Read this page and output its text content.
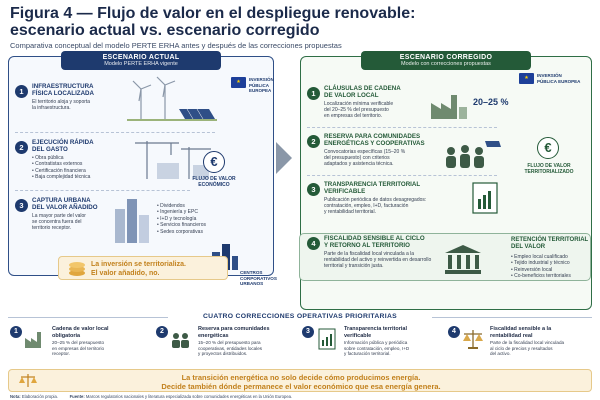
Figura 4 — Flujo de valor en el despliegue renovable:
escenario actual vs. escenario corregido
Comparativa conceptual del modelo PERTE ERHA antes y después de las correcciones propuestas
ESCENARIO ACTUAL
Modelo PERTE ERHA vigente
1
INFRAESTRUCTURA
FÍSICA LOCALIZADA
El territorio aloja y soporta
la infraestructura.
★	INVERSIÓN
PÚBLICA EUROPEA
2
EJECUCIÓN RÁPIDA
DEL GASTO
• Obra pública
• Contratistas externos
• Certificación financiera
• Baja complejidad técnica
€
FLUJO DE VALOR
ECONÓMICO
3
CAPTURA URBANA
DEL VALOR AÑADIDO
La mayor parte del valor
se concentra fuera del
territorio receptor.
• Dividendos
• Ingeniería y EPC
• I+D y tecnología
• Servicios financieros
• Sedes corporativas
La inversión se territorializa.
El valor añadido, no.	CENTROS
CORPORATIVOS
URBANOS
ESCENARIO CORREGIDO
Modelo con correcciones propuestas
★	INVERSIÓN
PÚBLICA EUROPEA
1
CLÁUSULAS DE CADENA
DE VALOR LOCAL
Localización mínima verificable
del 20–25 % del presupuesto
en empresas del territorio.
20–25 %
2
RESERVA PARA COMUNIDADES
ENERGÉTICAS Y COOPERATIVAS
Convocatorias específicas (15–20 %
del presupuesto) con criterios
adaptados y asistencia técnica.
€
FLUJO DE VALOR
TERRITORIALIZADO
3
TRANSPARENCIA TERRITORIAL
VERIFICABLE
Publicación periódica de datos desagregados:
contratación, empleo, I+D, facturación
y rentabilidad territorial.
4
FISCALIDAD SENSIBLE AL CICLO
Y RETORNO AL TERRITORIO
Parte de la fiscalidad local vinculada a la
rentabilidad del activo y reinvertida en desarrollo
territorial y transición justa.
RETENCIÓN TERRITORIAL
DEL VALOR
• Empleo local cualificado
• Tejido industrial y técnico
• Reinversión local
• Co-beneficios territoriales
CUATRO CORRECCIONES OPERATIVAS PRIORITARIAS
1	Cadena de valor local
obligatoria
20–25 % del presupuesto
en empresas del territorio
receptor.
2	Reserva para comunidades
energéticas
15–20 % del presupuesto para
cooperativas, entidades locales
y proyectos distribuidos.
3	Transparencia territorial
verificable
Información pública y periódica
sobre contratación, empleo, I+D
y facturación territorial.
4	Fiscalidad sensible a la
rentabilidad real
Parte de la fiscalidad local vinculada
al ciclo de precios y resultados
del activo.
La transición energética no solo decide cómo producimos energía.
Decide también dónde permanece el valor económico que esa energía genera.
Nota: Elaboración propia.	Fuente: Marcos regulatorios nacionales y literatura especializada sobre comunidades energéticas en la Unión Europea.
